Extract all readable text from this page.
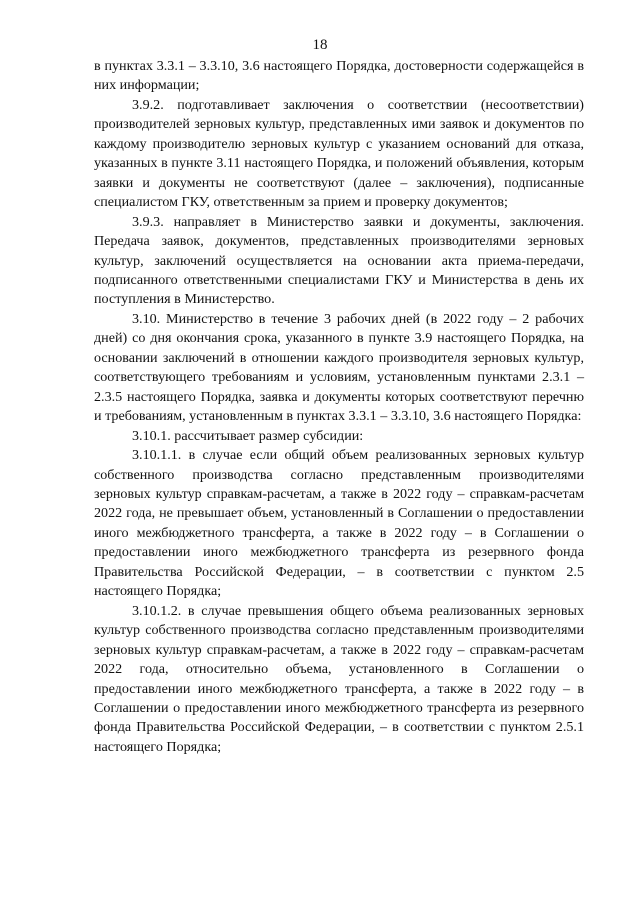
18

в пунктах 3.3.1 – 3.3.10, 3.6 настоящего Порядка, достоверности содержащейся в них информации;

3.9.2. подготавливает заключения о соответствии (несоответствии) производителей зерновых культур, представленных ими заявок и документов по каждому производителю зерновых культур с указанием оснований для отказа, указанных в пункте 3.11 настоящего Порядка, и положений объявления, которым заявки и документы не соответствуют (далее – заключения), подписанные специалистом ГКУ, ответственным за прием и проверку документов;

3.9.3. направляет в Министерство заявки и документы, заключения. Передача заявок, документов, представленных производителями зерновых культур, заключений осуществляется на основании акта приема-передачи, подписанного ответственными специалистами ГКУ и Министерства в день их поступления в Министерство.

3.10. Министерство в течение 3 рабочих дней (в 2022 году – 2 рабочих дней) со дня окончания срока, указанного в пункте 3.9 настоящего Порядка, на основании заключений в отношении каждого производителя зерновых культур, соответствующего требованиям и условиям, установленным пунктами 2.3.1 – 2.3.5 настоящего Порядка, заявка и документы которых соответствуют перечню и требованиям, установленным в пунктах 3.3.1 – 3.3.10, 3.6 настоящего Порядка:

3.10.1. рассчитывает размер субсидии:

3.10.1.1. в случае если общий объем реализованных зерновых культур собственного производства согласно представленным производителями зерновых культур справкам-расчетам, а также в 2022 году – справкам-расчетам 2022 года, не превышает объем, установленный в Соглашении о предоставлении иного межбюджетного трансферта, а также в 2022 году – в Соглашении о предоставлении иного межбюджетного трансферта из резервного фонда Правительства Российской Федерации, – в соответствии с пунктом 2.5 настоящего Порядка;

3.10.1.2. в случае превышения общего объема реализованных зерновых культур собственного производства согласно представленным производителями зерновых культур справкам-расчетам, а также в 2022 году – справкам-расчетам 2022 года, относительно объема, установленного в Соглашении о предоставлении иного межбюджетного трансферта, а также в 2022 году – в Соглашении о предоставлении иного межбюджетного трансферта из резервного фонда Правительства Российской Федерации, – в соответствии с пунктом 2.5.1 настоящего Порядка;
